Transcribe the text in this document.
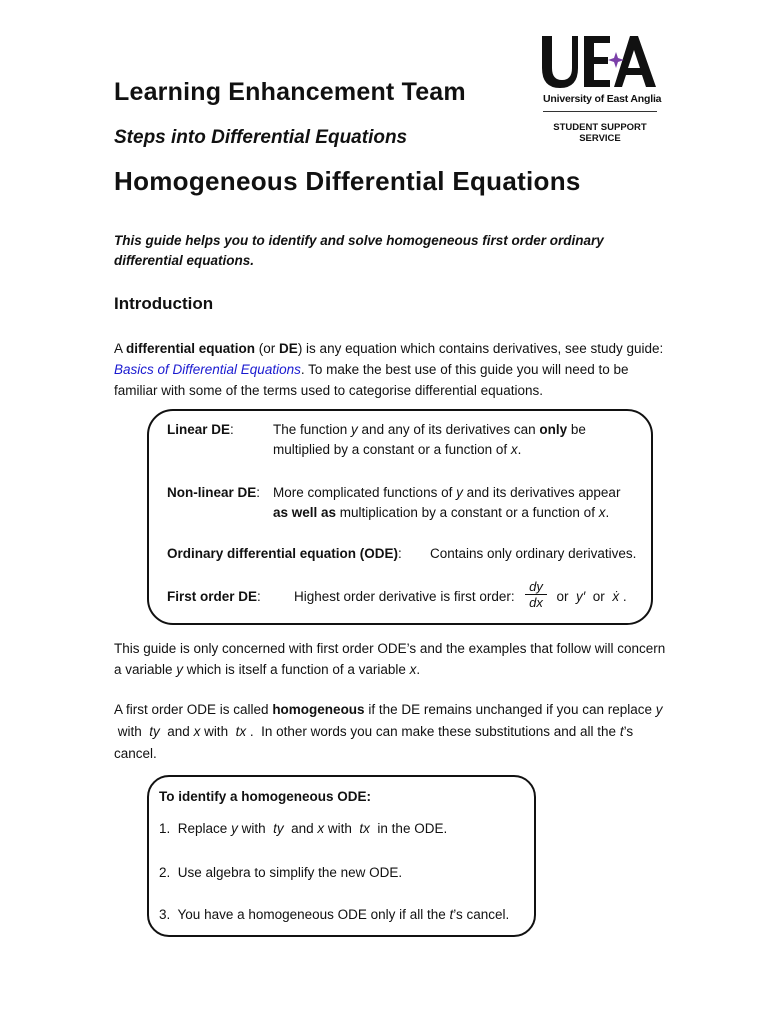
University of East Anglia
STUDENT SUPPORT
SERVICE
Learning Enhancement Team
Steps into Differential Equations
Homogeneous Differential Equations
This guide helps you to identify and solve homogeneous first order ordinary differential equations.
Introduction
A differential equation (or DE) is any equation which contains derivatives, see study guide: Basics of Differential Equations. To make the best use of this guide you will need to be familiar with some of the terms used to categorise differential equations.
Linear DE:	The function y and any of its derivatives can only be
multiplied by a constant or a function of x.
Non-linear DE: More complicated functions of y and its derivatives appear
as well as multiplication by a constant or a function of x.
Ordinary differential equation (ODE): Contains only ordinary derivatives.
First order DE: Highest order derivative is first order: $\frac{dy}{dx}$ or  y′  or  ẋ .
This guide is only concerned with first order ODE’s and the examples that follow will concern a variable y which is itself a function of a variable x.
A first order ODE is called homogeneous if the DE remains unchanged if you can replace y with  ty  and x with  tx .  In other words you can make these substitutions and all the t’s cancel.
To identify a homogeneous ODE:
1. Replace y with  ty  and x with  tx  in the ODE.
2. Use algebra to simplify the new ODE.
3. You have a homogeneous ODE only if all the t’s cancel.
